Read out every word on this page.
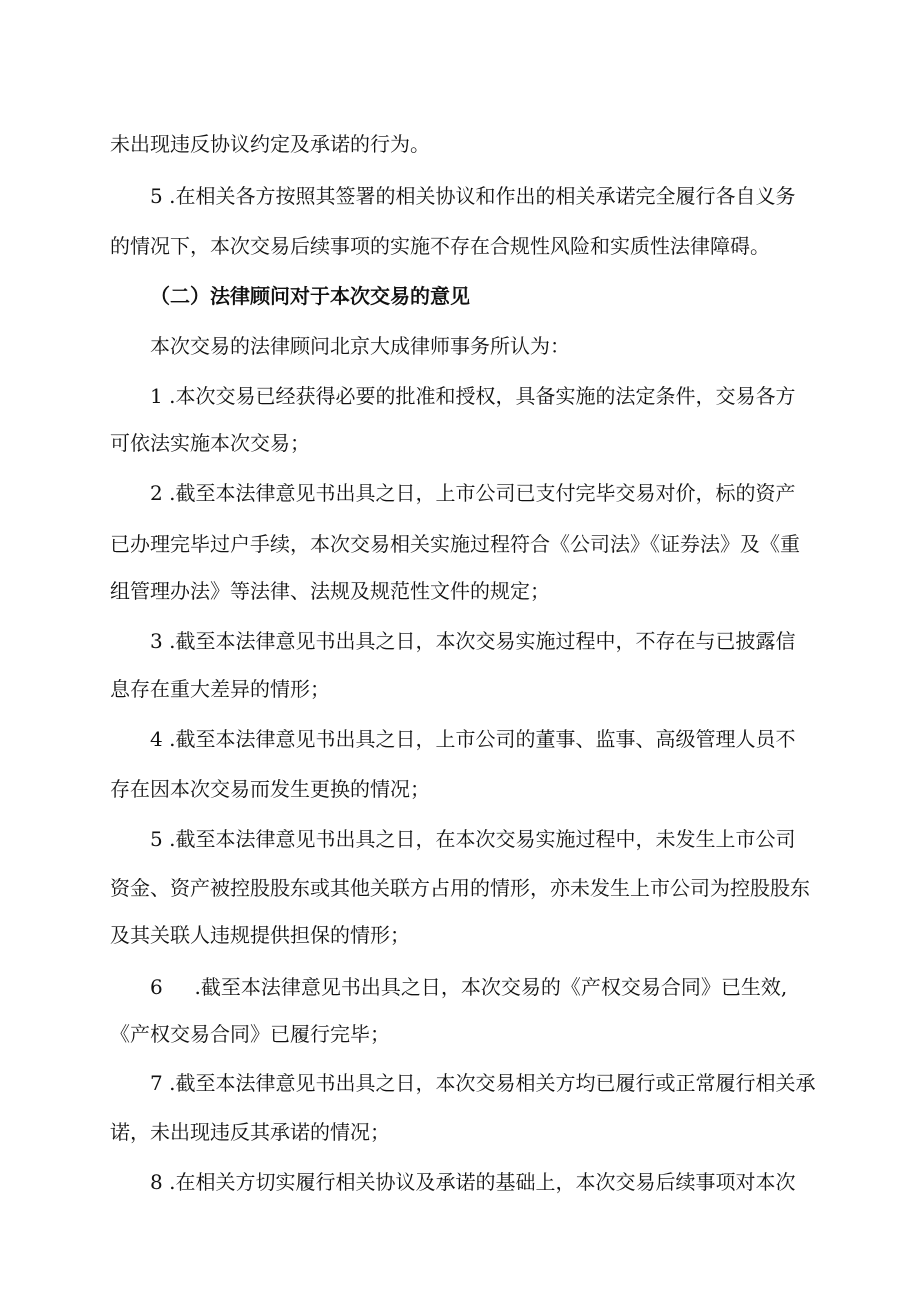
未出现违反协议约定及承诺的行为。
5 .在相关各方按照其签署的相关协议和作出的相关承诺完全履行各自义务
的情况下，本次交易后续事项的实施不存在合规性风险和实质性法律障碍。
（二）法律顾问对于本次交易的意见
本次交易的法律顾问北京大成律师事务所认为：
1 .本次交易已经获得必要的批准和授权，具备实施的法定条件，交易各方
可依法实施本次交易；
2 .截至本法律意见书出具之日，上市公司已支付完毕交易对价，标的资产
已办理完毕过户手续，本次交易相关实施过程符合《公司法》《证券法》及《重
组管理办法》等法律、法规及规范性文件的规定；
3 .截至本法律意见书出具之日，本次交易实施过程中，不存在与已披露信
息存在重大差异的情形；
4 .截至本法律意见书出具之日，上市公司的董事、监事、高级管理人员不
存在因本次交易而发生更换的情况；
5 .截至本法律意见书出具之日，在本次交易实施过程中，未发生上市公司
资金、资产被控股股东或其他关联方占用的情形，亦未发生上市公司为控股股东
及其关联人违规提供担保的情形；
6     .截至本法律意见书出具之日，本次交易的《产权交易合同》已生效,
《产权交易合同》已履行完毕；
7 .截至本法律意见书出具之日，本次交易相关方均已履行或正常履行相关承
诺，未出现违反其承诺的情况；
8 .在相关方切实履行相关协议及承诺的基础上，本次交易后续事项对本次
